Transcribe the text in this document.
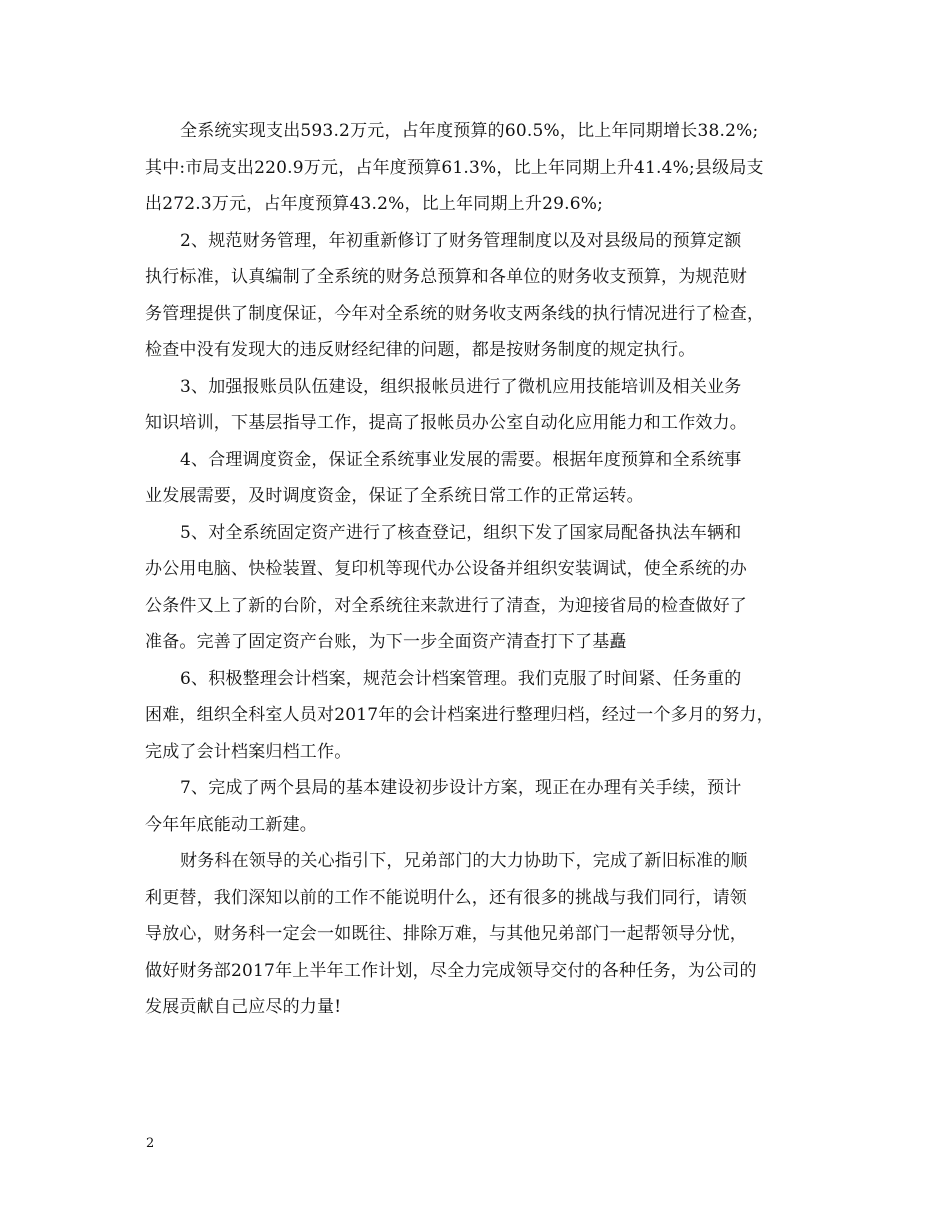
全系统实现支出593.2万元，占年度预算的60.5%，比上年同期增长38.2%;
其中:市局支出220.9万元，占年度预算61.3%，比上年同期上升41.4%;县级局支
出272.3万元，占年度预算43.2%，比上年同期上升29.6%;
2、规范财务管理，年初重新修订了财务管理制度以及对县级局的预算定额
执行标准，认真编制了全系统的财务总预算和各单位的财务收支预算，为规范财
务管理提供了制度保证，今年对全系统的财务收支两条线的执行情况进行了检查，
检查中没有发现大的违反财经纪律的问题，都是按财务制度的规定执行。
3、加强报账员队伍建设，组织报帐员进行了微机应用技能培训及相关业务
知识培训，下基层指导工作，提高了报帐员办公室自动化应用能力和工作效力。
4、合理调度资金，保证全系统事业发展的需要。根据年度预算和全系统事
业发展需要，及时调度资金，保证了全系统日常工作的正常运转。
5、对全系统固定资产进行了核查登记，组织下发了国家局配备执法车辆和
办公用电脑、快检装置、复印机等现代办公设备并组织安装调试，使全系统的办
公条件又上了新的台阶，对全系统往来款进行了清查，为迎接省局的检查做好了
准备。完善了固定资产台账，为下一步全面资产清查打下了基矗
6、积极整理会计档案，规范会计档案管理。我们克服了时间紧、任务重的
困难，组织全科室人员对2017年的会计档案进行整理归档，经过一个多月的努力，
完成了会计档案归档工作。
7、完成了两个县局的基本建设初步设计方案，现正在办理有关手续，预计
今年年底能动工新建。
财务科在领导的关心指引下，兄弟部门的大力协助下，完成了新旧标准的顺
利更替，我们深知以前的工作不能说明什么，还有很多的挑战与我们同行，请领
导放心，财务科一定会一如既往、排除万难，与其他兄弟部门一起帮领导分忧，
做好财务部2017年上半年工作计划，尽全力完成领导交付的各种任务，为公司的
发展贡献自己应尽的力量!
2
